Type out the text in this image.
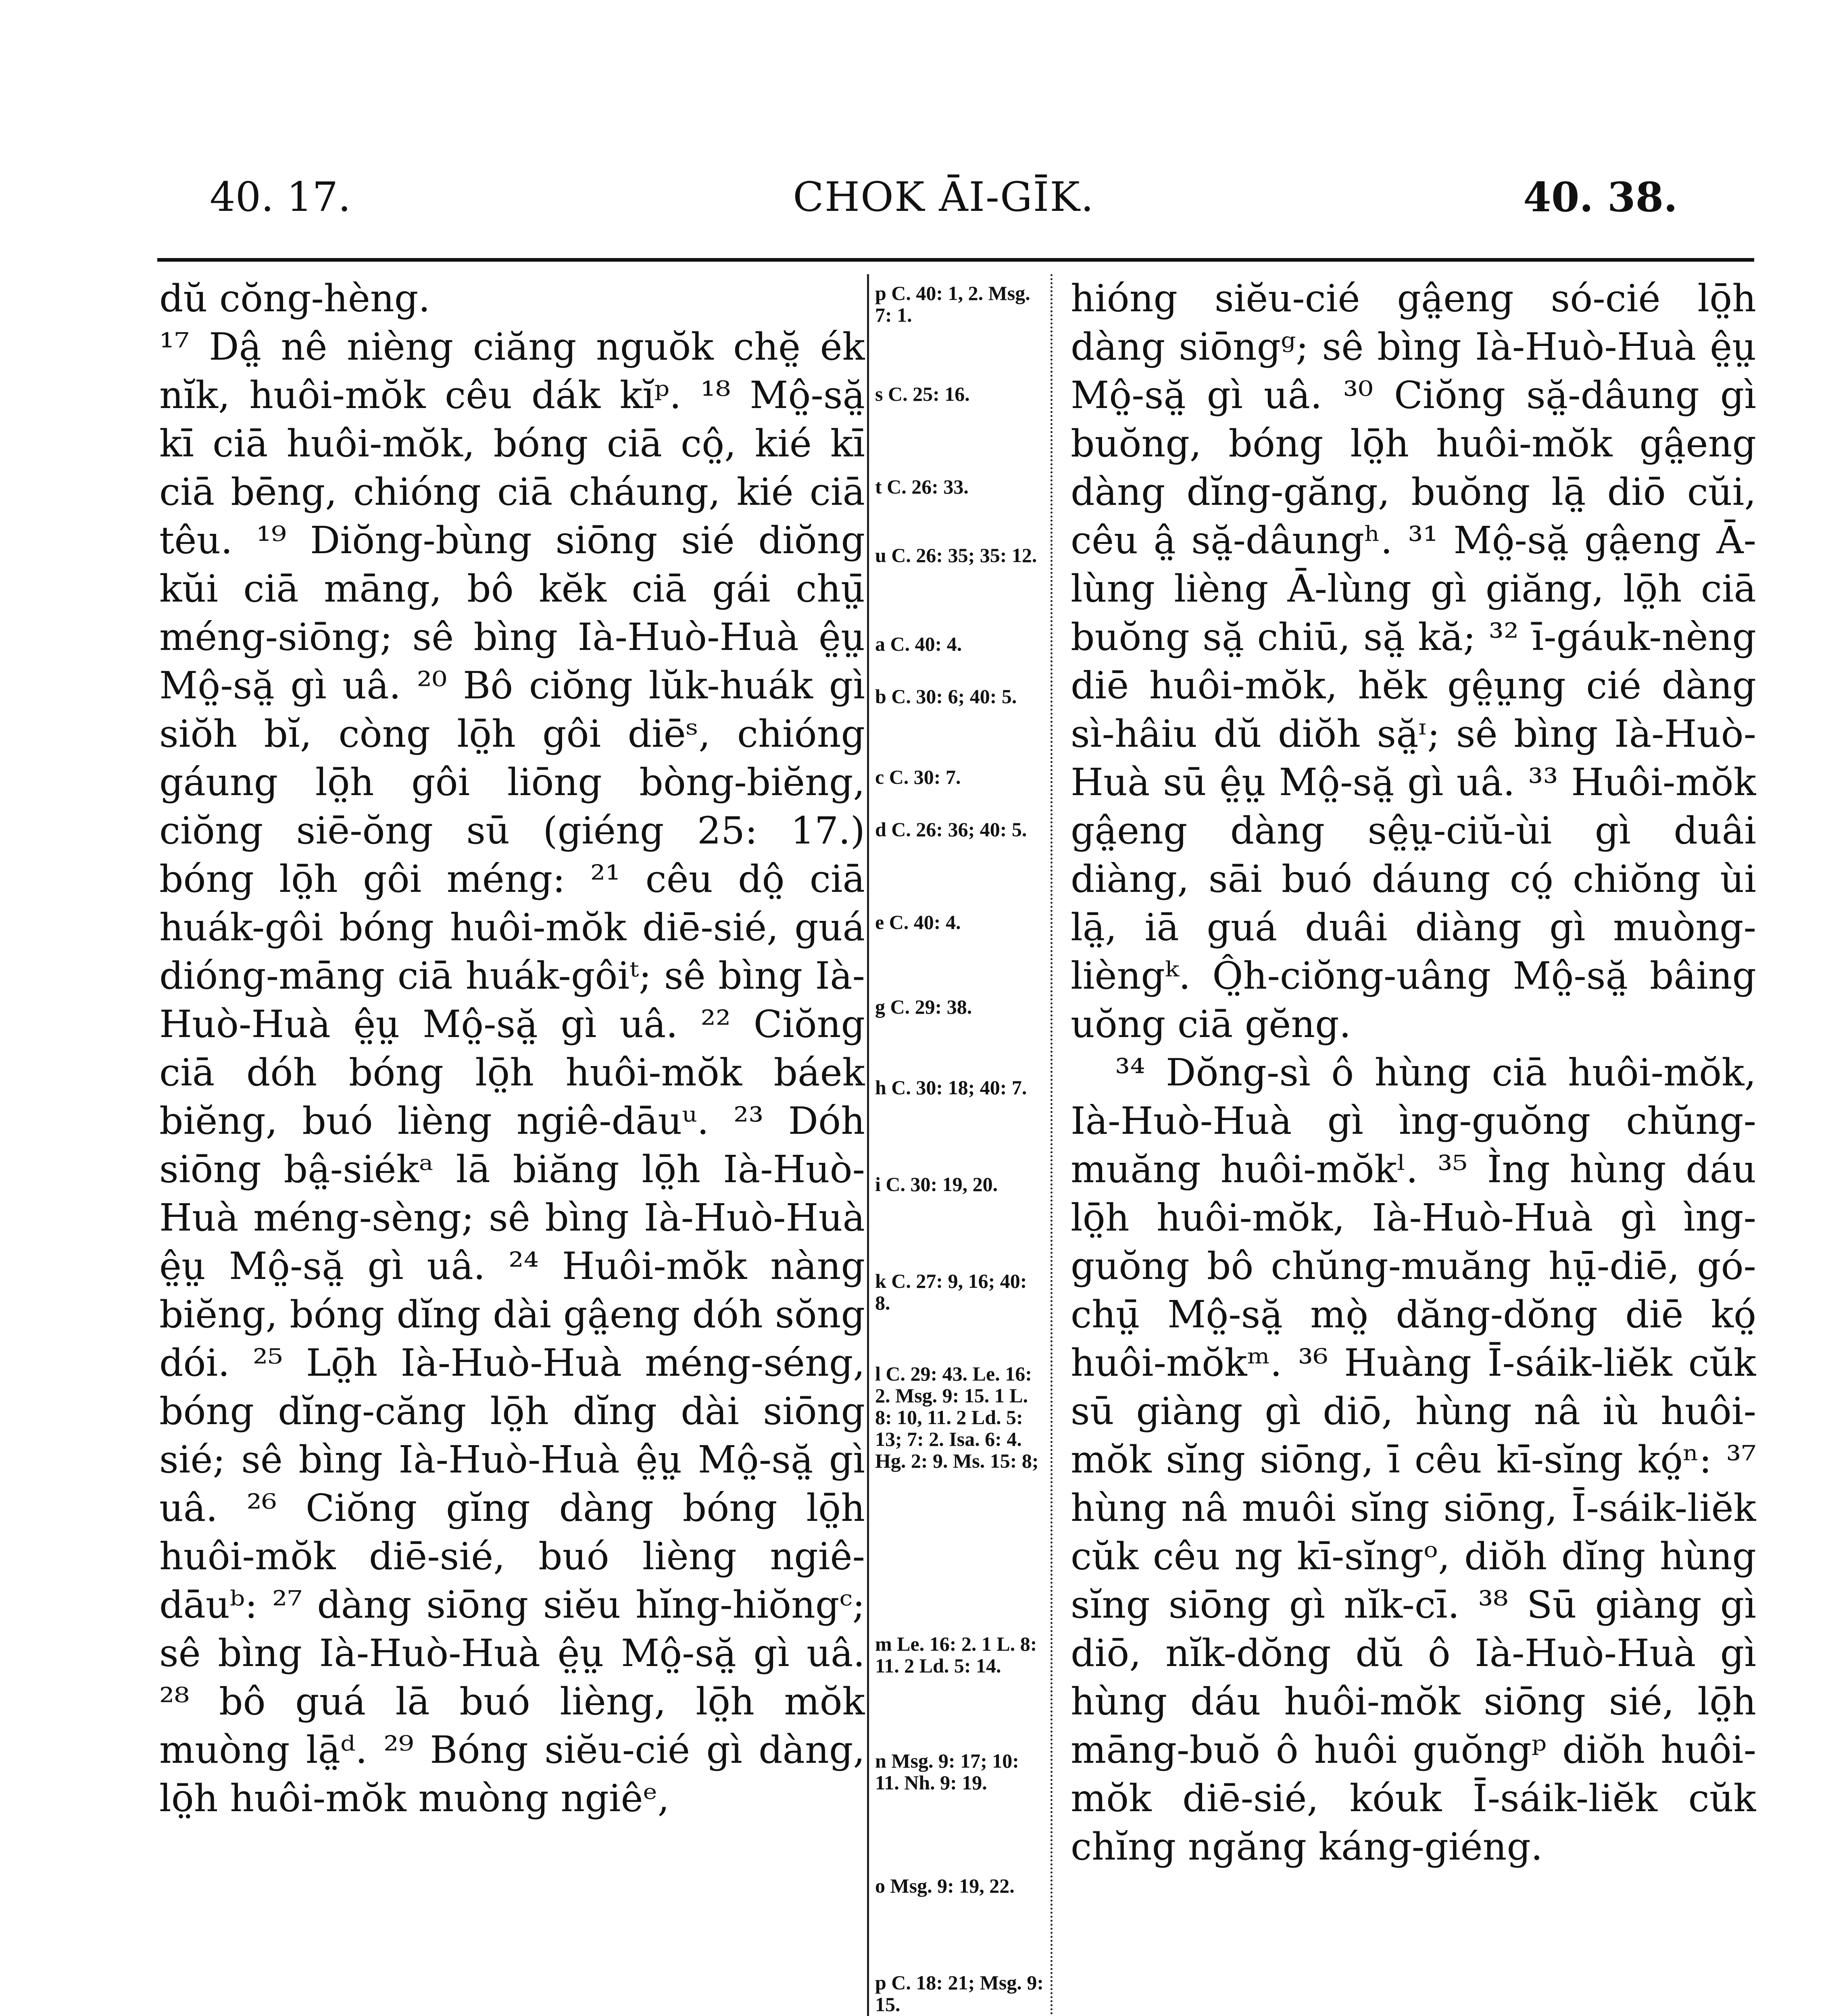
40. 17.	CHOK ĀI-GĪK.	40. 38.

dŭ cŏng-hèng.

¹⁷ Dâ̤ nê nièng ciăng nguŏk chĕ̤ ék nĭk, huôi-mŏk cêu dák kĭᵖ. ¹⁸ Mô̤-să̤ kī ciā huôi-mŏk, bóng ciā cô̤, kié kī ciā bēng, chióng ciā cháung, kié ciā têu. ¹⁹ Diŏng-bùng siōng sié diŏng kŭi ciā māng, bô kĕk ciā gái chṳ̄ méng-siōng; sê bìng Ià-Huò-Huà ê̤ṳ Mô̤-să̤ gì uâ. ²⁰ Bô ciŏng lŭk-huák gì siŏh bĭ, còng lō̤h gôi diēˢ, chióng gáung lō̤h gôi liōng bòng-biĕng, ciŏng siē-ŏng sū (giéng 25: 17.) bóng lō̤h gôi méng: ²¹ cêu dô̤ ciā huák-gôi bóng huôi-mŏk diē-sié, guá dióng-māng ciā huák-gôiᵗ; sê bìng Ià-Huò-Huà ê̤ṳ Mô̤-să̤ gì uâ. ²² Ciŏng ciā dóh bóng lō̤h huôi-mŏk báek biĕng, buó lièng ngiê-dāuᵘ. ²³ Dóh siōng bâ̤-siékᵃ lā biăng lō̤h Ià-Huò-Huà méng-sèng; sê bìng Ià-Huò-Huà ê̤ṳ Mô̤-să̤ gì uâ. ²⁴ Huôi-mŏk nàng biĕng, bóng dĭng dài gâ̤eng dóh sŏng dói. ²⁵ Lō̤h Ià-Huò-Huà méng-séng, bóng dĭng-căng lō̤h dĭng dài siōng sié; sê bìng Ià-Huò-Huà ê̤ṳ Mô̤-să̤ gì uâ. ²⁶ Ciŏng gĭng dàng bóng lō̤h huôi-mŏk diē-sié, buó lièng ngiê-dāuᵇ: ²⁷ dàng siōng siĕu hĭng-hiŏngᶜ; sê bìng Ià-Huò-Huà ê̤ṳ Mô̤-să̤ gì uâ. ²⁸ bô guá lā buó lièng, lō̤h mŏk muòng lā̤ᵈ. ²⁹ Bóng siĕu-cié gì dàng, lō̤h huôi-mŏk muòng ngiêᵉ,

p C. 40: 1, 2. Msg. 7: 1.
s C. 25: 16.
t C. 26: 33.
u C. 26: 35; 35: 12.
a C. 40: 4.
b C. 30: 6; 40: 5.
c C. 30: 7.
d C. 26: 36; 40: 5.
e C. 40: 4.
g C. 29: 38.
h C. 30: 18; 40: 7.
i C. 30: 19, 20.
k C. 27: 9, 16; 40: 8.
l C. 29: 43. Le. 16: 2. Msg. 9: 15. 1 L. 8: 10, 11. 2 Ld. 5: 13; 7: 2. Isa. 6: 4. Hg. 2: 9. Ms. 15: 8;
m Le. 16: 2. 1 L. 8: 11. 2 Ld. 5: 14.
n Msg. 9: 17; 10: 11. Nh. 9: 19.
o Msg. 9: 19, 22.
p C. 18: 21; Msg. 9: 15.

hióng siĕu-cié gâ̤eng só-cié lō̤h dàng siōngᵍ; sê bìng Ià-Huò-Huà ê̤ṳ Mô̤-să̤ gì uâ. ³⁰ Ciŏng să̤-dâung gì buŏng, bóng lō̤h huôi-mŏk gâ̤eng dàng dĭng-găng, buŏng lā̤ diō cŭi, cêu â̤ să̤-dâungʰ. ³¹ Mô̤-să̤ gâ̤eng Ā-lùng lièng Ā-lùng gì giăng, lō̤h ciā buŏng să̤ chiū, să̤ kă; ³² ī-gáuk-nèng diē huôi-mŏk, hĕk gê̤ṳng cié dàng sì-hâiu dŭ diŏh să̤ᶦ; sê bìng Ià-Huò-Huà sū ê̤ṳ Mô̤-să̤ gì uâ. ³³ Huôi-mŏk gâ̤eng dàng sê̤ṳ-ciŭ-ùi gì duâi diàng, sāi buó dáung có̤ chiŏng ùi lā̤, iā guá duâi diàng gì muòng-lièngᵏ. Ô̤h-ciŏng-uâng Mô̤-să̤ bâing uŏng ciā gĕng.

³⁴ Dŏng-sì ô hùng ciā huôi-mŏk, Ià-Huò-Huà gì ìng-guŏng chŭng-muăng huôi-mŏkˡ. ³⁵ Ìng hùng dáu lō̤h huôi-mŏk, Ià-Huò-Huà gì ìng-guŏng bô chŭng-muăng hṳ̄-diē, gó-chṳ̄ Mô̤-să̤ mò̤ dăng-dŏng diē kó̤ huôi-mŏkᵐ. ³⁶ Huàng Ī-sáik-liĕk cŭk sū giàng gì diō, hùng nâ iù huôi-mŏk sĭng siōng, ī cêu kī-sĭng kó̤ⁿ: ³⁷ hùng nâ muôi sĭng siōng, Ī-sáik-liĕk cŭk cêu ng kī-sĭngᵒ, diŏh dĭng hùng sĭng siōng gì nĭk-cī. ³⁸ Sū giàng gì diō, nĭk-dŏng dŭ ô Ià-Huò-Huà gì hùng dáu huôi-mŏk siōng sié, lō̤h māng-buŏ ô huôi guŏngᵖ diŏh huôi-mŏk diē-sié, kóuk Ī-sáik-liĕk cŭk chĭng ngăng káng-giéng.
